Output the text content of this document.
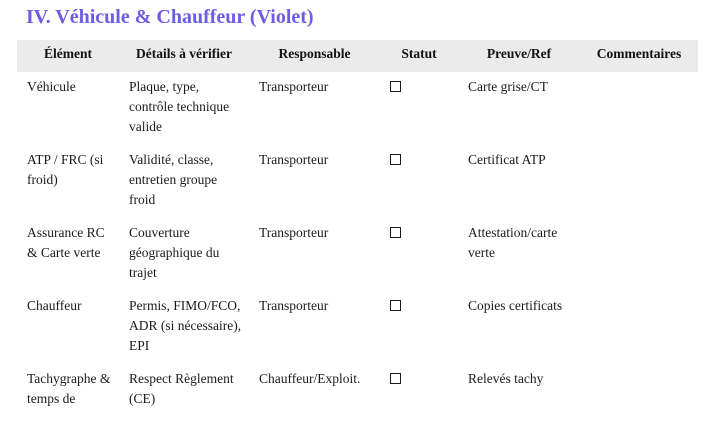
IV. Véhicule & Chauffeur (Violet)
Élément	Détails à vérifier	Responsable	Statut	Preuve/Ref	Commentaires
Véhicule	Plaque, type, contrôle technique valide	Transporteur		Carte grise/CT	
ATP / FRC (si froid)	Validité, classe, entretien groupe froid	Transporteur		Certificat ATP	
Assurance RC & Carte verte	Couverture géographique du trajet	Transporteur		Attestation/carte verte	
Chauffeur	Permis, FIMO/FCO, ADR (si nécessaire), EPI	Transporteur		Copies certificats	
Tachygraphe & temps de	Respect Règlement (CE)	Chauffeur/Exploit.		Relevés tachy	
